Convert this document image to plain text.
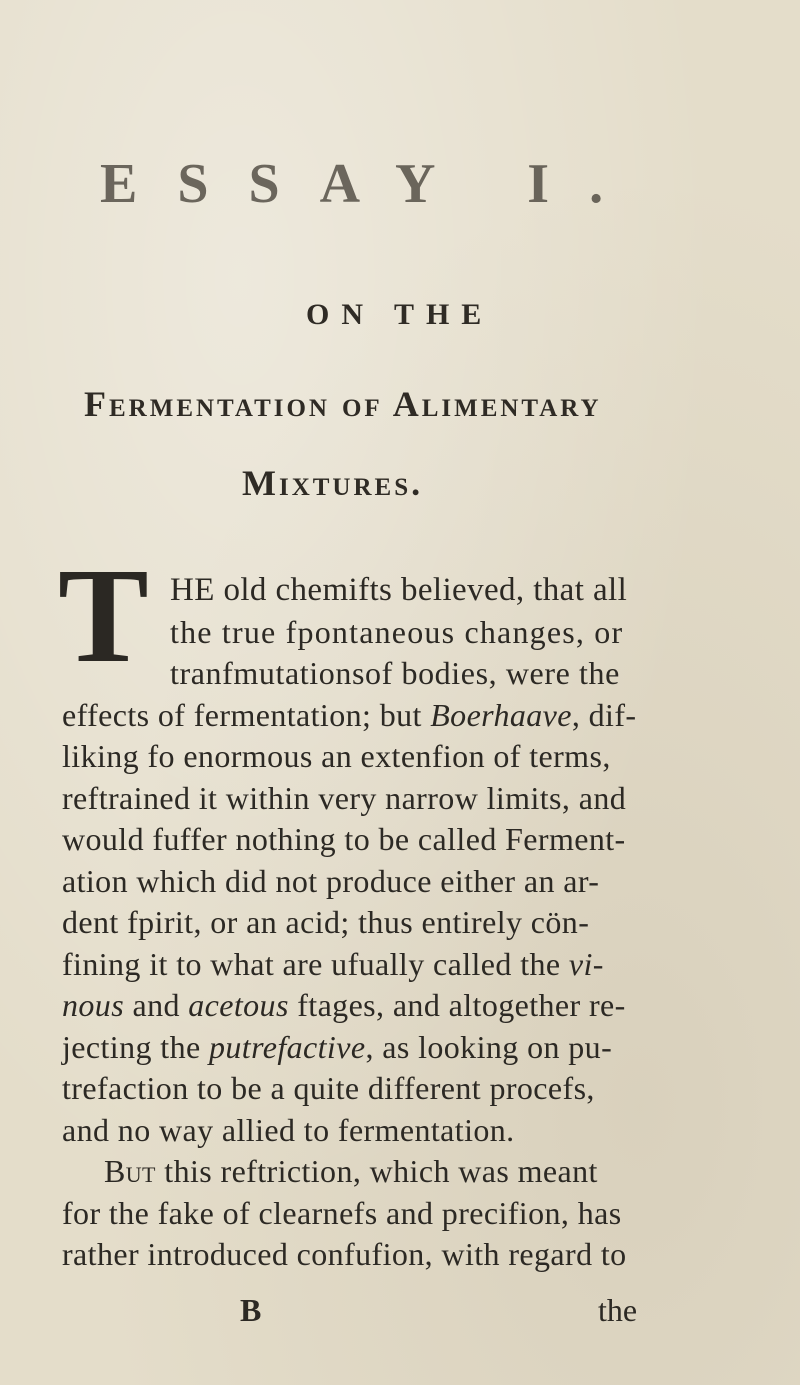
ESSAY I.
ON THE
Fermentation of Alimentary
Mixtures.
T HE old chemifts believed, that all
the true fpontaneous changes, or
tranfmutationsof bodies, were the
effects of fermentation; but Boerhaave, dif-
liking fo enormous an extenfion of terms,
reftrained it within very narrow limits, and
would fuffer nothing to be called Ferment-
ation which did not produce either an ar-
dent fpirit, or an acid; thus entirely cön-
fining it to what are ufually called the vi-
nous and acetous ftages, and altogether re-
jecting the putrefactive, as looking on pu-
trefaction to be a quite different procefs,
and no way allied to fermentation.
But this reftriction, which was meant
for the fake of clearnefs and precifion, has
rather introduced confufion, with regard to
B	the
